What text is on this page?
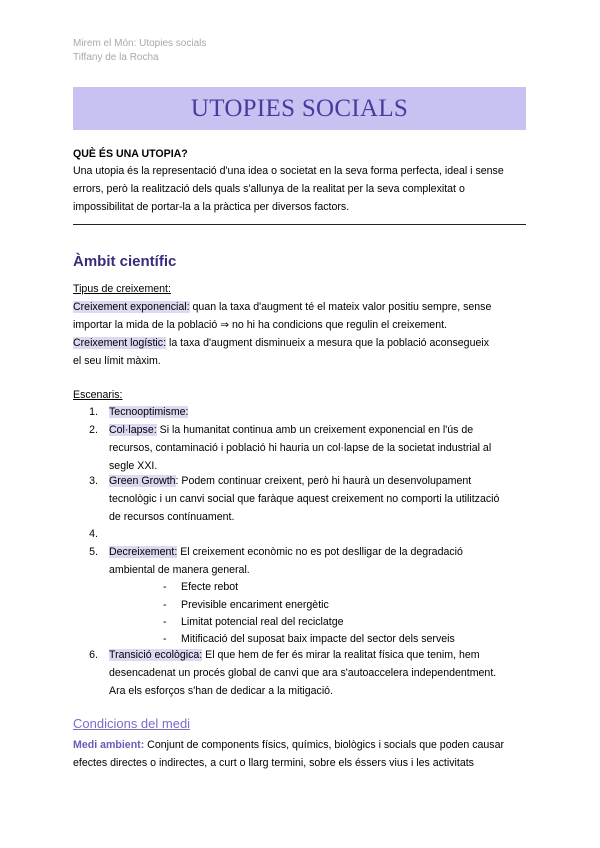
Mirem el Món: Utopies socials
Tiffany de la Rocha
UTOPIES SOCIALS
QUÈ ÉS UNA UTOPIA?
Una utopia és la representació d'una idea o societat en la seva forma perfecta, ideal i sense
errors, però la realització dels quals s'allunya de la realitat per la seva complexitat o
impossibilitat de portar-la a la pràctica per diversos factors.
Àmbit científic
Tipus de creixement:
Creixement exponencial: quan la taxa d'augment té el mateix valor positiu sempre, sense
importar la mida de la població ⇒ no hi ha condicions que regulin el creixement.
Creixement logístic: la taxa d'augment disminueix a mesura que la població aconsegueix
el seu límit màxim.
Escenaris:
1. Tecnooptimisme:
2. Col·lapse: Si la humanitat continua amb un creixement exponencial en l'ús de
recursos, contaminació i població hi hauria un col·lapse de la societat industrial al
segle XXI.
3. Green Growth: Podem continuar creixent, però hi haurà un desenvolupament
tecnològic i un canvi social que faràque aquest creixement no comporti la utilització
de recursos contínuament.
4.
5. Decreixement: El creixement econòmic no es pot deslligar de la degradació
ambiental de manera general.
- Efecte rebot
- Previsible encariment energètic
- Limitat potencial real del reciclatge
- Mitificació del suposat baix impacte del sector dels serveis
6. Transició ecològica: El que hem de fer és mirar la realitat física que tenim, hem
desencadenat un procés global de canvi que ara s'autoaccelera independentment.
Ara els esforços s'han de dedicar a la mitigació.
Condicions del medi
Medi ambient: Conjunt de components físics, químics, biològics i socials que poden causar
efectes directes o indirectes, a curt o llarg termini, sobre els éssers vius i les activitats
